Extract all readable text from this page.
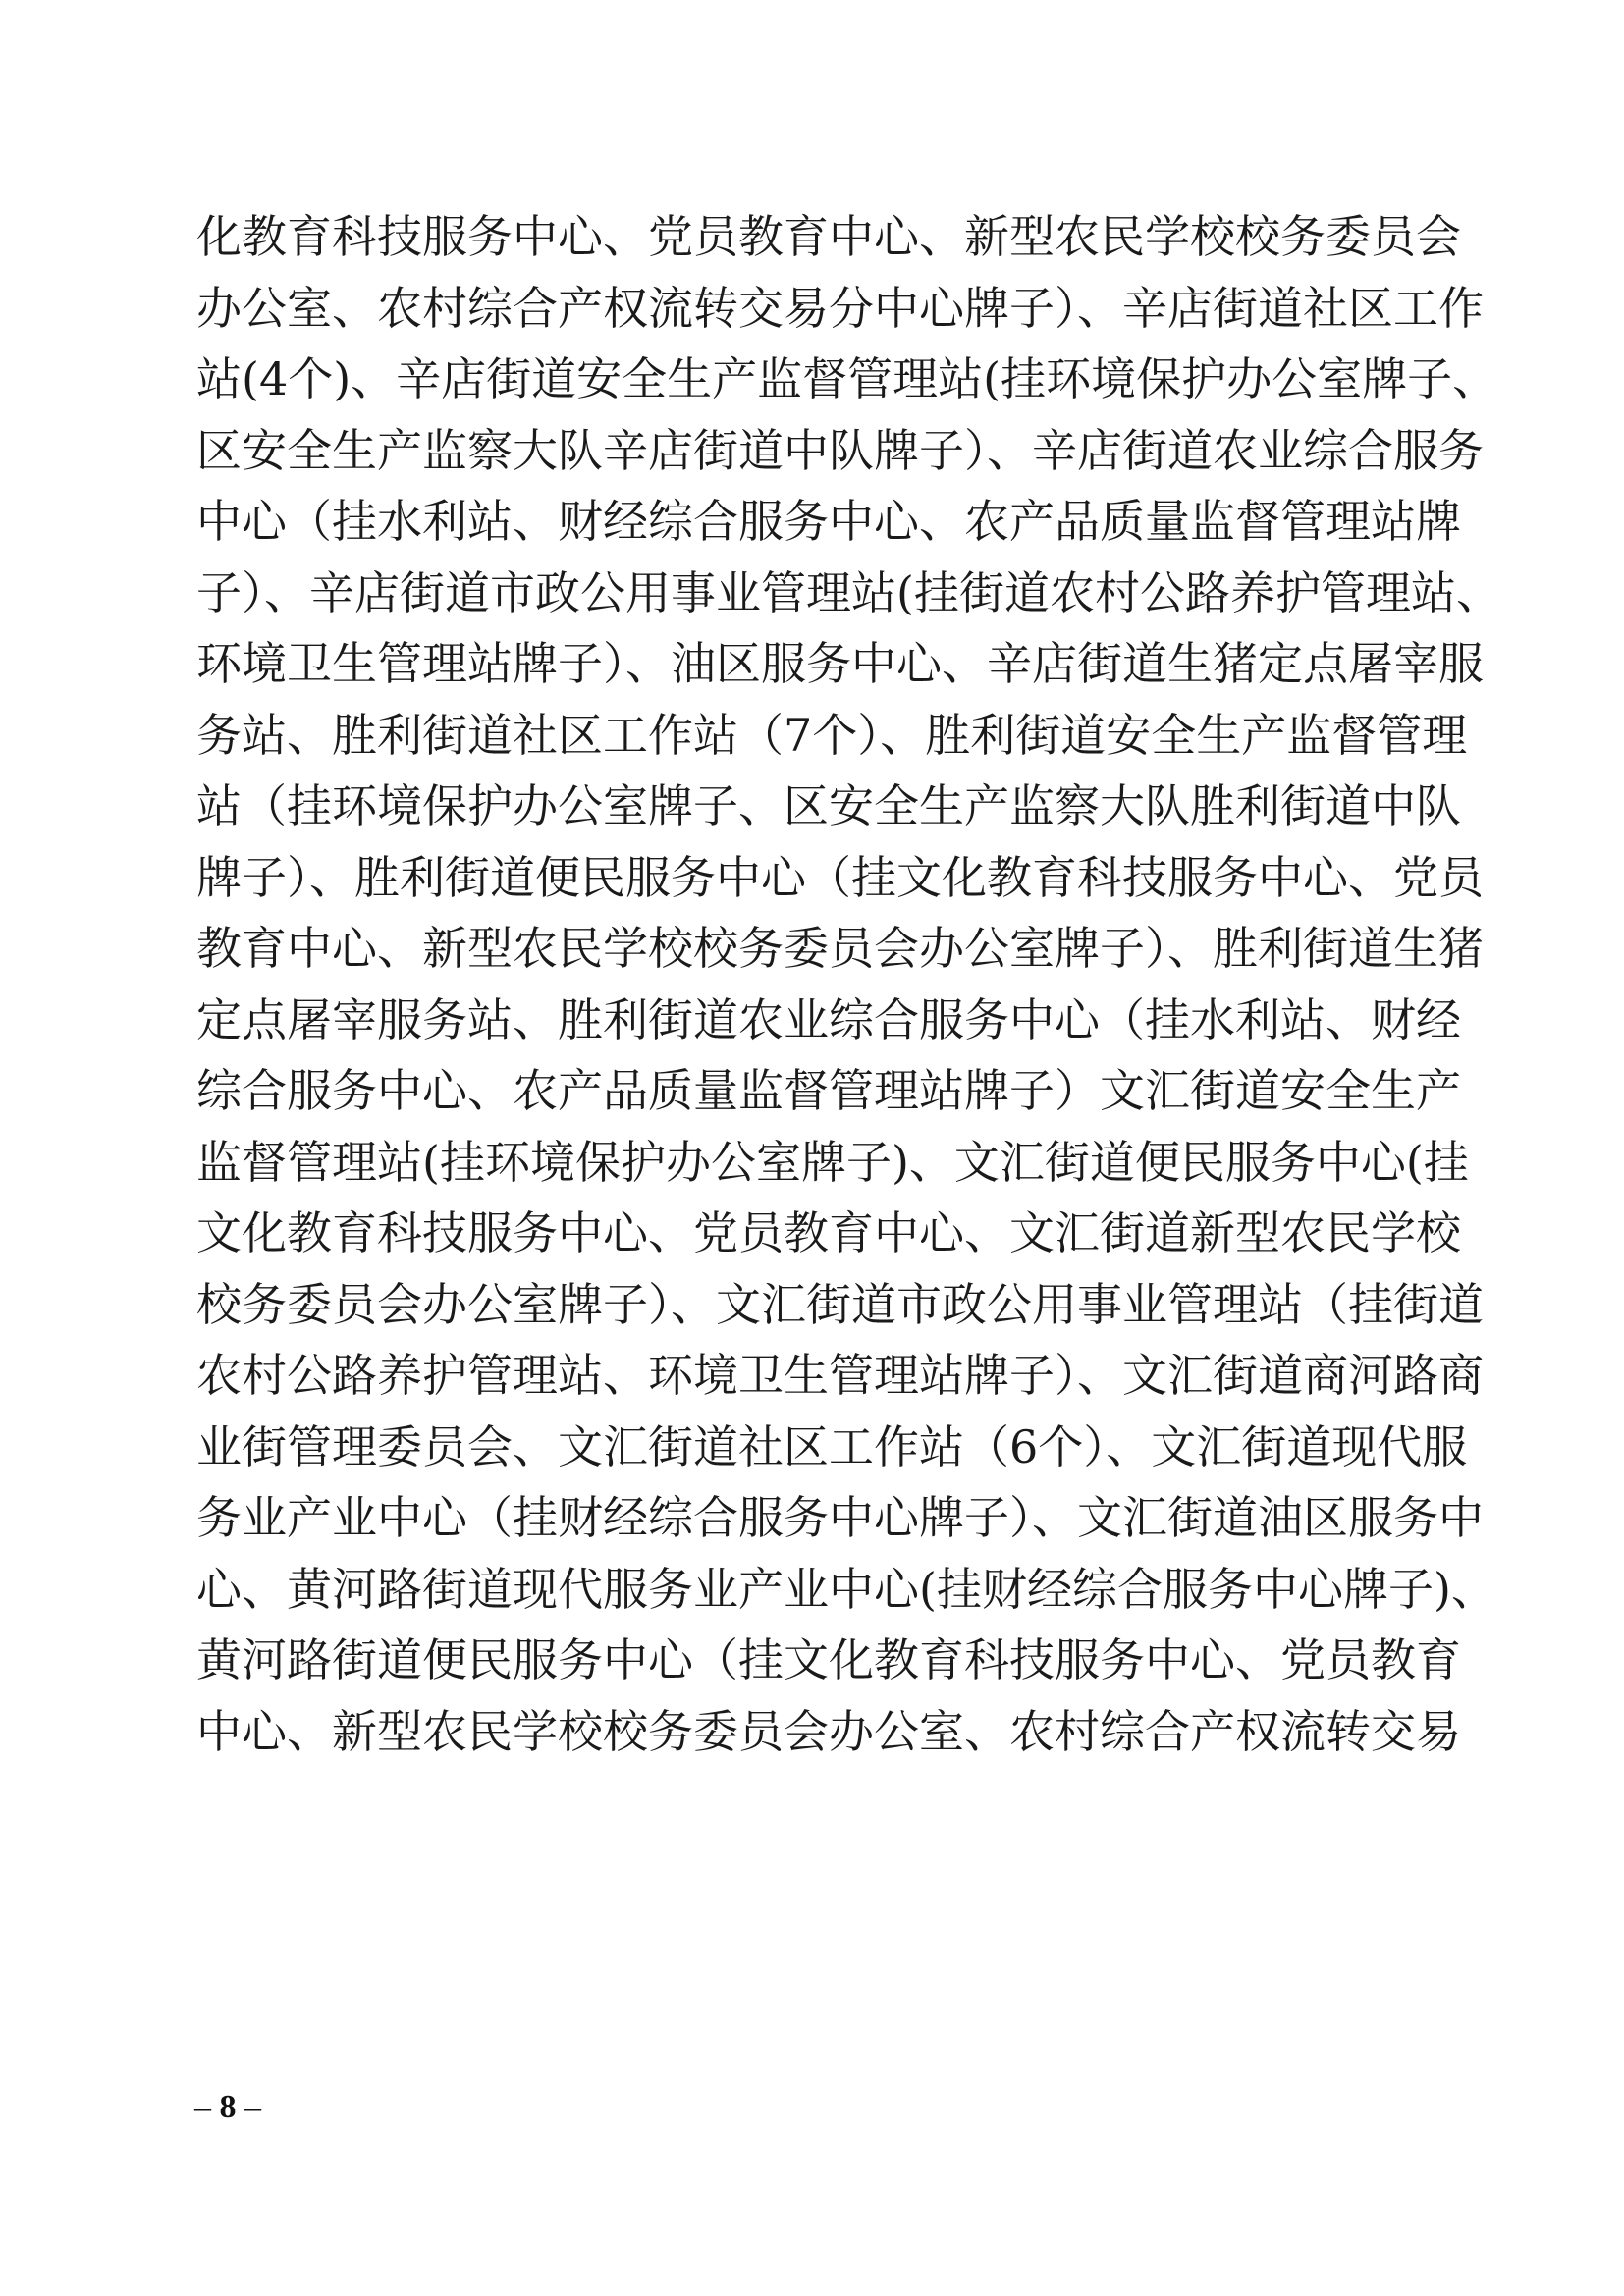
化教育科技服务中心、党员教育中心、新型农民学校校务委员会
办公室、农村综合产权流转交易分中心牌子）、辛店街道社区工作
站(4个)、辛店街道安全生产监督管理站(挂环境保护办公室牌子、
区安全生产监察大队辛店街道中队牌子）、辛店街道农业综合服务
中心（挂水利站、财经综合服务中心、农产品质量监督管理站牌
子）、辛店街道市政公用事业管理站(挂街道农村公路养护管理站、
环境卫生管理站牌子）、油区服务中心、辛店街道生猪定点屠宰服
务站、胜利街道社区工作站（7个）、胜利街道安全生产监督管理
站（挂环境保护办公室牌子、区安全生产监察大队胜利街道中队
牌子）、胜利街道便民服务中心（挂文化教育科技服务中心、党员
教育中心、新型农民学校校务委员会办公室牌子）、胜利街道生猪
定点屠宰服务站、胜利街道农业综合服务中心（挂水利站、财经
综合服务中心、农产品质量监督管理站牌子）文汇街道安全生产
监督管理站(挂环境保护办公室牌子)、文汇街道便民服务中心(挂
文化教育科技服务中心、党员教育中心、文汇街道新型农民学校
校务委员会办公室牌子）、文汇街道市政公用事业管理站（挂街道
农村公路养护管理站、环境卫生管理站牌子）、文汇街道商河路商
业街管理委员会、文汇街道社区工作站（6个）、文汇街道现代服
务业产业中心（挂财经综合服务中心牌子）、文汇街道油区服务中
心、黄河路街道现代服务业产业中心(挂财经综合服务中心牌子)、
黄河路街道便民服务中心（挂文化教育科技服务中心、党员教育
中心、新型农民学校校务委员会办公室、农村综合产权流转交易
– 8 –
